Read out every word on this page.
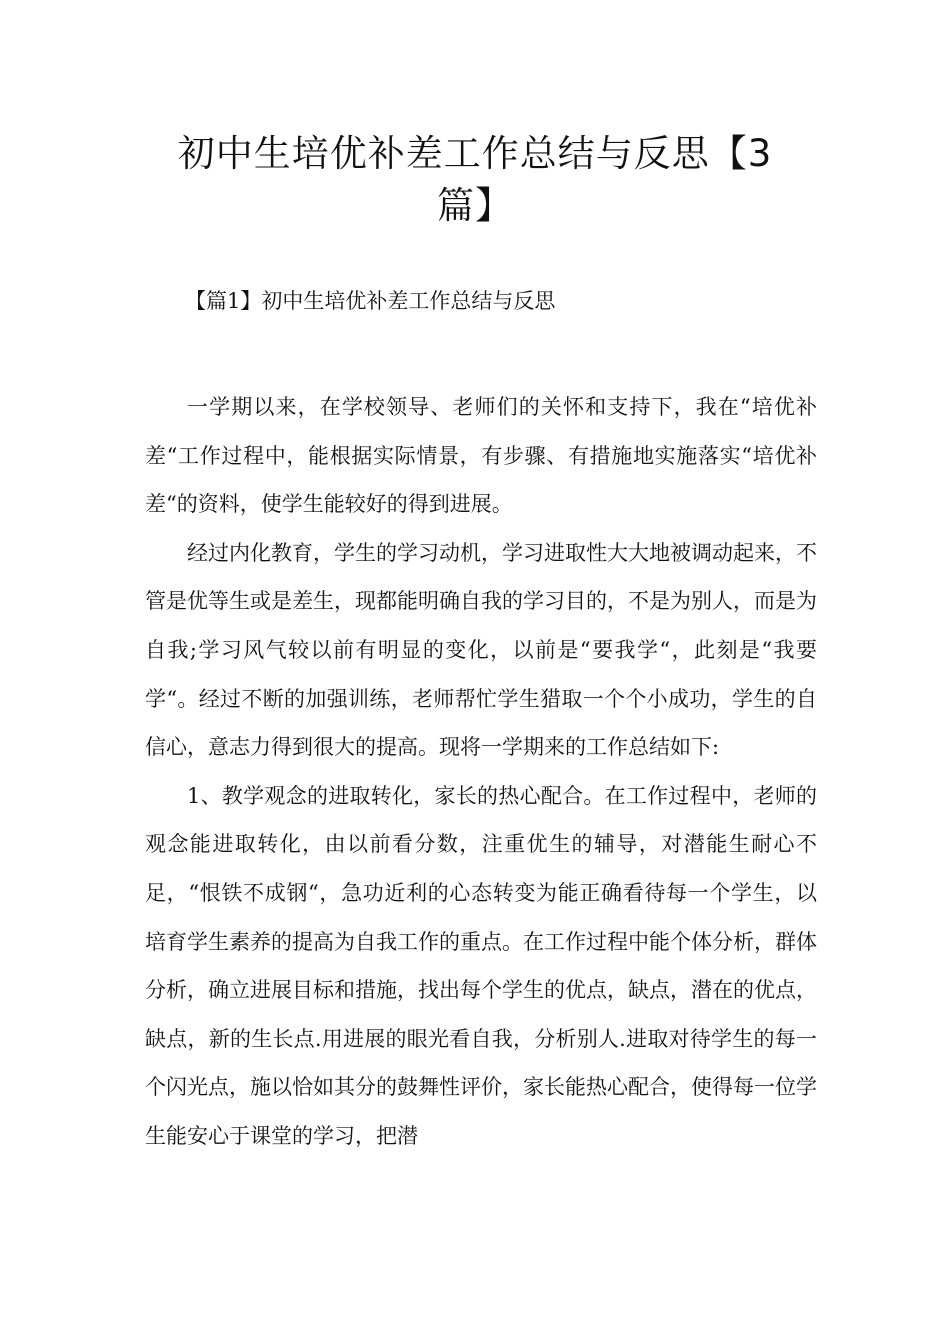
初中生培优补差工作总结与反思【3篇】
【篇1】初中生培优补差工作总结与反思

一学期以来，在学校领导、老师们的关怀和支持下，我在“培优补差“工作过程中，能根据实际情景，有步骤、有措施地实施落实“培优补差“的资料，使学生能较好的得到进展。

经过内化教育，学生的学习动机，学习进取性大大地被调动起来，不管是优等生或是差生，现都能明确自我的学习目的，不是为别人，而是为自我;学习风气较以前有明显的变化，以前是“要我学“，此刻是“我要学“。经过不断的加强训练，老师帮忙学生猎取一个个小成功，学生的自信心，意志力得到很大的提高。现将一学期来的工作总结如下:

1、教学观念的进取转化，家长的热心配合。在工作过程中，老师的观念能进取转化，由以前看分数，注重优生的辅导，对潜能生耐心不足，“恨铁不成钢“，急功近利的心态转变为能正确看待每一个学生，以培育学生素养的提高为自我工作的重点。在工作过程中能个体分析，群体分析，确立进展目标和措施，找出每个学生的优点，缺点，潜在的优点，缺点，新的生长点.用进展的眼光看自我，分析别人.进取对待学生的每一个闪光点，施以恰如其分的鼓舞性评价，家长能热心配合，使得每一位学生能安心于课堂的学习，把潜
